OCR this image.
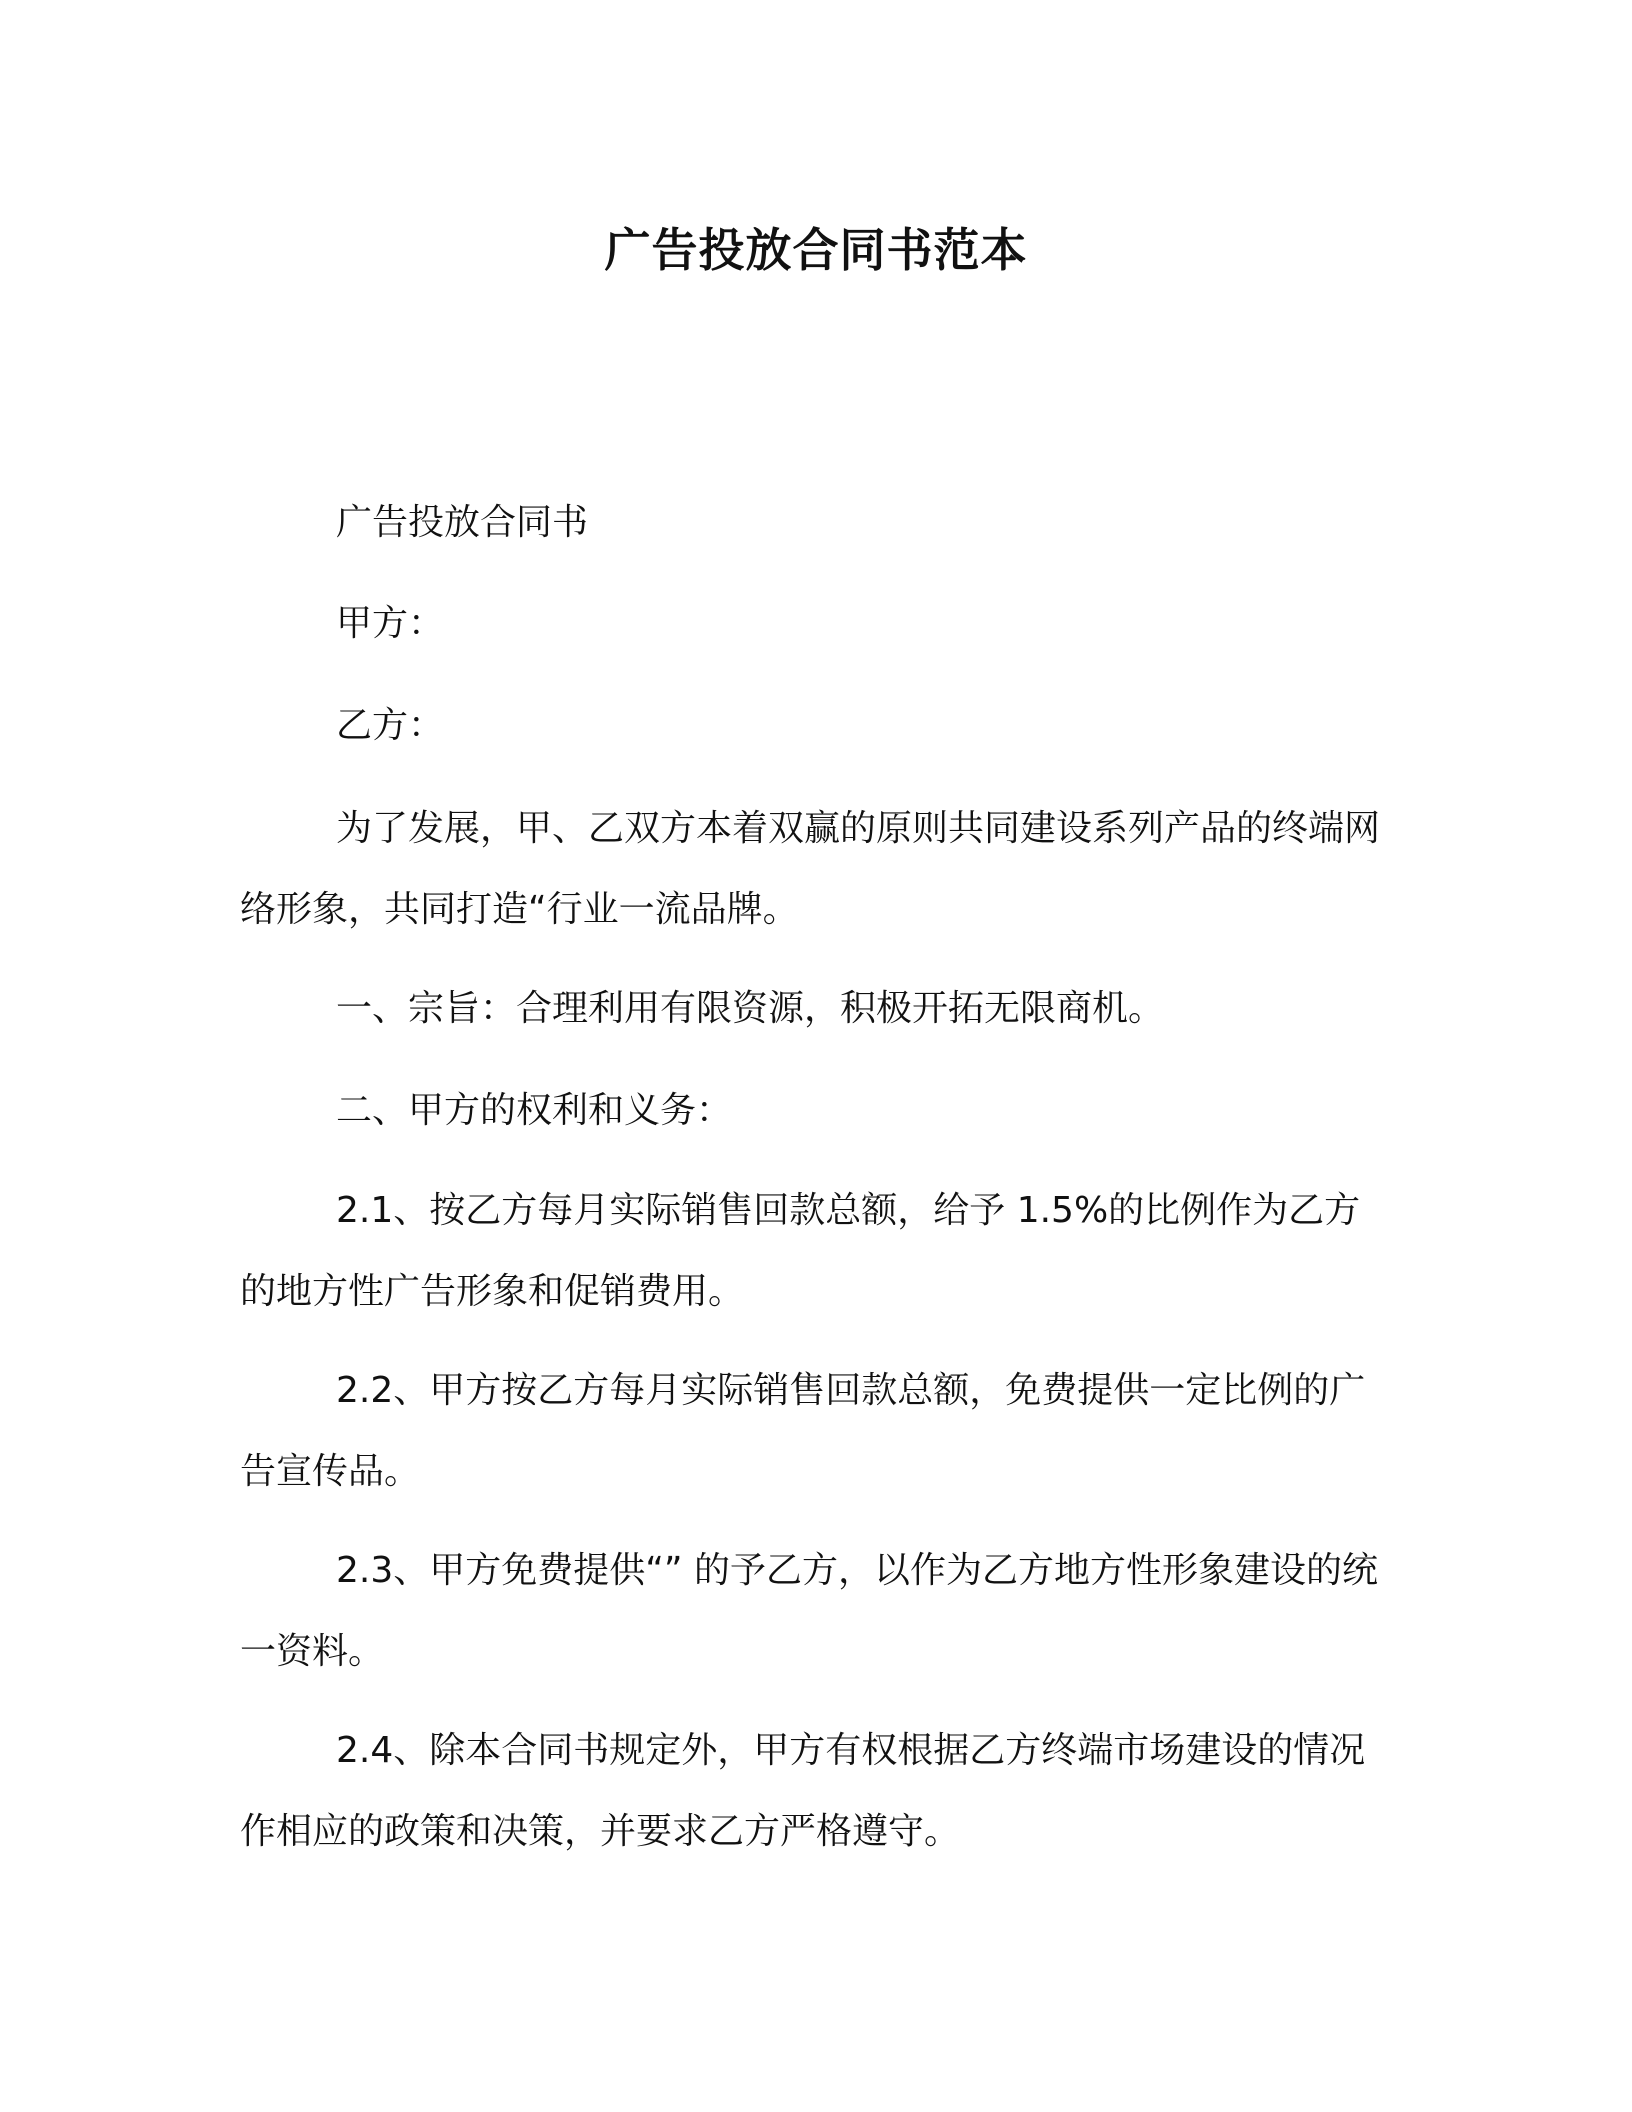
广告投放合同书范本

广告投放合同书

甲方：

乙方：

为了发展，甲、乙双方本着双赢的原则共同建设系列产品的终端网络形象，共同打造“行业一流品牌。

一、宗旨：合理利用有限资源，积极开拓无限商机。

二、甲方的权利和义务：

2.1、按乙方每月实际销售回款总额，给予 1.5%的比例作为乙方的地方性广告形象和促销费用。

2.2、甲方按乙方每月实际销售回款总额，免费提供一定比例的广告宣传品。

2.3、甲方免费提供“” 的予乙方，以作为乙方地方性形象建设的统一资料。

2.4、除本合同书规定外，甲方有权根据乙方终端市场建设的情况作相应的政策和决策，并要求乙方严格遵守。
